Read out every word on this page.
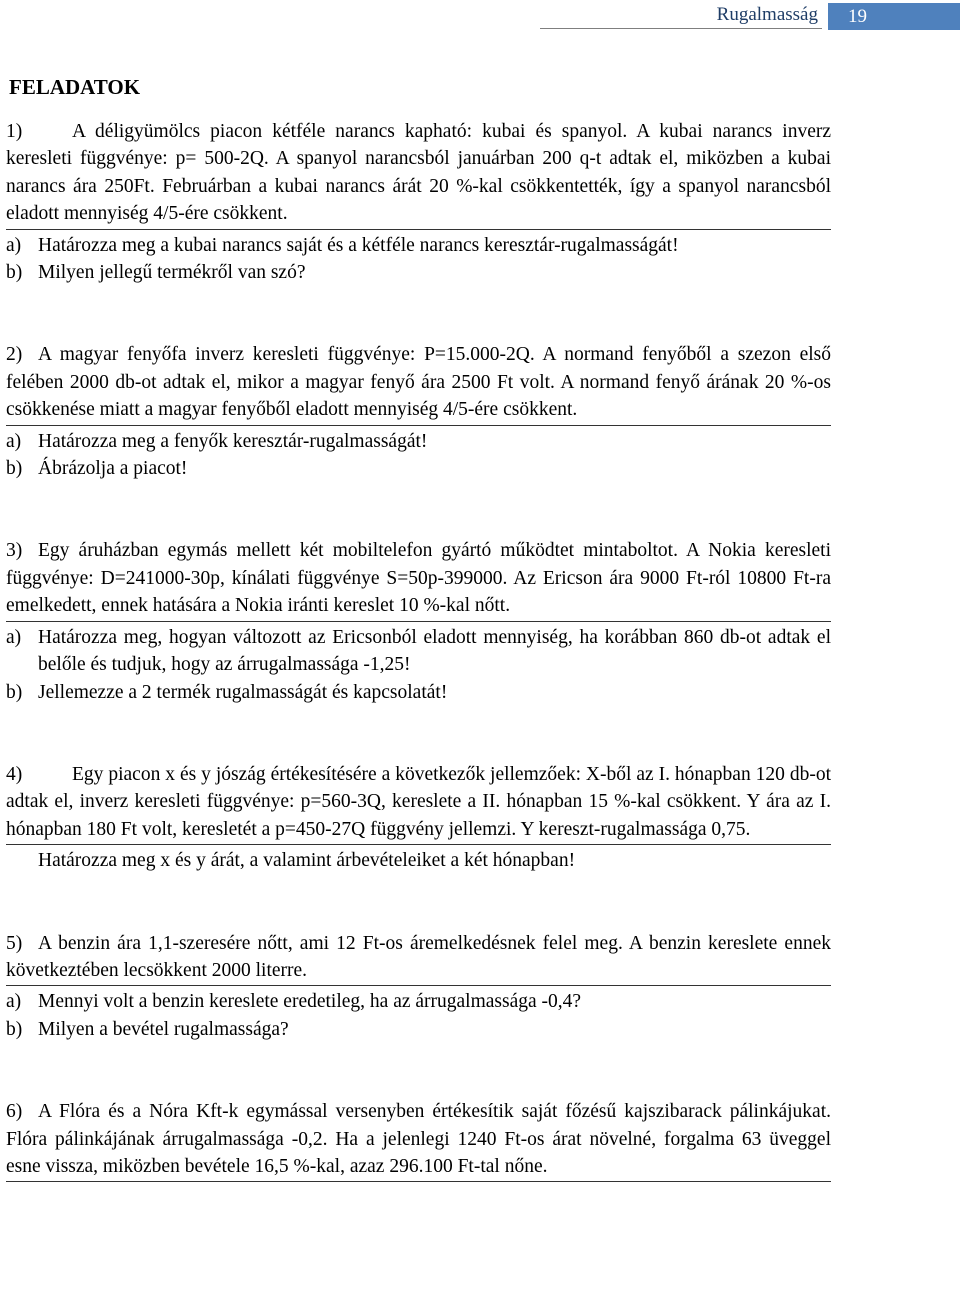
Rugalmasság	19
FELADATOK
1)	A déligyümölcs piacon kétféle narancs kapható: kubai és spanyol. A kubai narancs inverz keresleti függvénye: p= 500-2Q. A spanyol narancsból januárban 200 q-t adtak el, miközben a kubai narancs ára 250Ft. Februárban a kubai narancs árát 20 %-kal csökkentették, így a spanyol narancsból eladott mennyiség 4/5-ére csökkent.
a) Határozza meg a kubai narancs saját és a kétféle narancs keresztár-rugalmasságát!
b) Milyen jellegű termékről van szó?
2) A magyar fenyőfa inverz keresleti függvénye: P=15.000-2Q. A normand fenyőből a szezon első felében 2000 db-ot adtak el, mikor a magyar fenyő ára 2500 Ft volt. A normand fenyő árának 20 %-os csökkenése miatt a magyar fenyőből eladott mennyiség 4/5-ére csökkent.
a) Határozza meg a fenyők keresztár-rugalmasságát!
b) Ábrázolja a piacot!
3) Egy áruházban egymás mellett két mobiltelefon gyártó működtet mintaboltot. A Nokia keresleti függvénye: D=241000-30p, kínálati függvénye S=50p-399000. Az Ericson ára 9000 Ft-ról 10800 Ft-ra emelkedett, ennek hatására a Nokia iránti kereslet 10 %-kal nőtt.
a) Határozza meg, hogyan változott az Ericsonból eladott mennyiség, ha korábban 860 db-ot adtak el belőle és tudjuk, hogy az árrugalmassága -1,25!
b) Jellemezze a 2 termék rugalmasságát és kapcsolatát!
4)	Egy piacon x és y jószág értékesítésére a következők jellemzőek: X-ből az I. hónapban 120 db-ot adtak el, inverz keresleti függvénye: p=560-3Q, kereslete a II. hónapban 15 %-kal csökkent. Y ára az I. hónapban 180 Ft volt, keresletét a p=450-27Q függvény jellemzi. Y kereszt-rugalmassága 0,75.
Határozza meg x és y árát, a valamint árbevételeiket a két hónapban!
5) A benzin ára 1,1-szeresére nőtt, ami 12 Ft-os áremelkedésnek felel meg. A benzin kereslete ennek következtében lecsökkent 2000 literre.
a) Mennyi volt a benzin kereslete eredetileg, ha az árrugalmassága -0,4?
b) Milyen a bevétel rugalmassága?
6) A Flóra és a Nóra Kft-k egymással versenyben értékesítik saját főzésű kajszibarack pálinkájukat. Flóra pálinkájának árrugalmassága -0,2. Ha a jelenlegi 1240 Ft-os árat növelné, forgalma 63 üveggel esne vissza, miközben bevétele 16,5 %-kal, azaz 296.100 Ft-tal nőne.
